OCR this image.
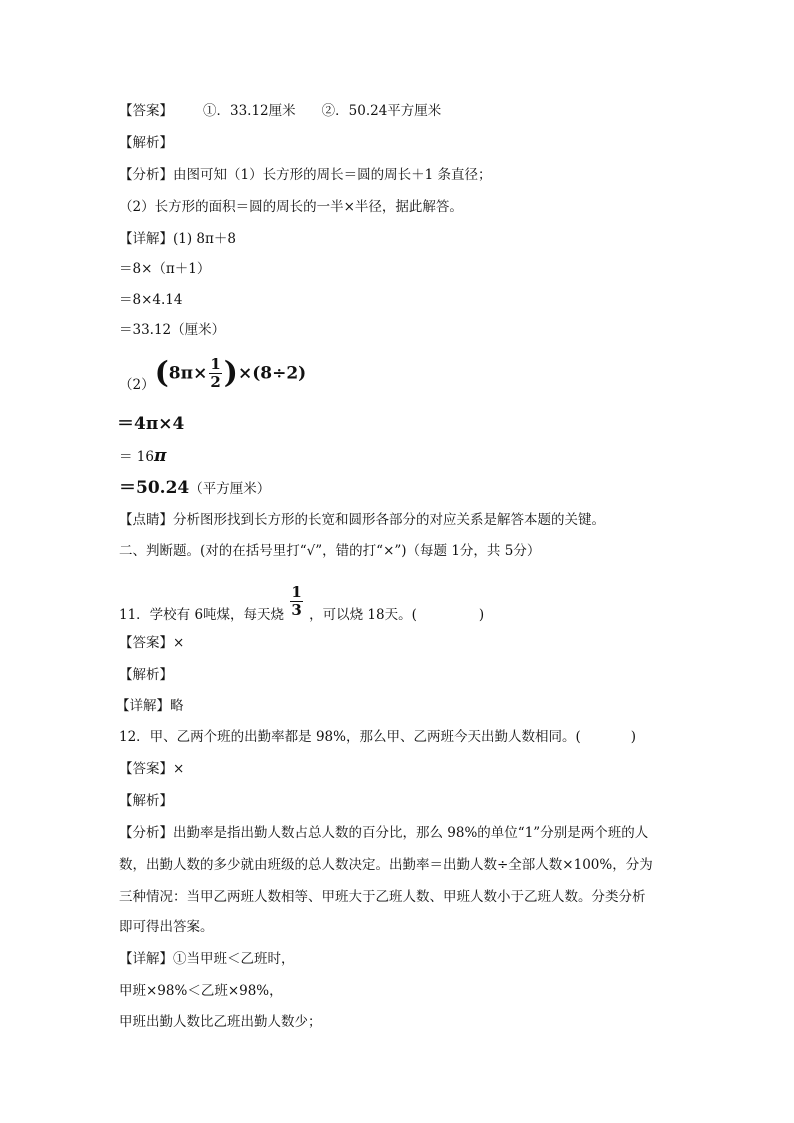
【答案】 ①．33.12厘米 ②．50.24平方厘米
【解析】
【分析】由图可知（1）长方形的周长＝圆的周长＋1 条直径；
（2）长方形的面积＝圆的周长的一半×半径，据此解答。
【详解】(1) 8π＋8
＝8×（π＋1）
＝8×4.14
＝33.12（厘米）
$(2)(8\pi\times \frac{1}{2} )\times(8\div 2)$
＝4π×4
＝ 16π
＝50.24（平方厘米）
【点睛】分析图形找到长方形的长宽和圆形各部分的对应关系是解答本题的关键。
二、判断题。(对的在括号里打“√”，错的打“×”)（每题 1分，共 5分）
11．学校有 6吨煤，每天烧 $\frac{1}{3}$ ，可以烧 18天。(	)
【答案】×
【解析】
【详解】略
12．甲、乙两个班的出勤率都是 98%，那么甲、乙两班今天出勤人数相同。(	)
【答案】×
【解析】
【分析】出勤率是指出勤人数占总人数的百分比，那么 98%的单位“1”分别是两个班的人
数，出勤人数的多少就由班级的总人数决定。出勤率＝出勤人数÷全部人数×100%，分为
三种情况：当甲乙两班人数相等、甲班大于乙班人数、甲班人数小于乙班人数。分类分析
即可得出答案。
【详解】①当甲班＜乙班时，
甲班×98%＜乙班×98%，
甲班出勤人数比乙班出勤人数少；
